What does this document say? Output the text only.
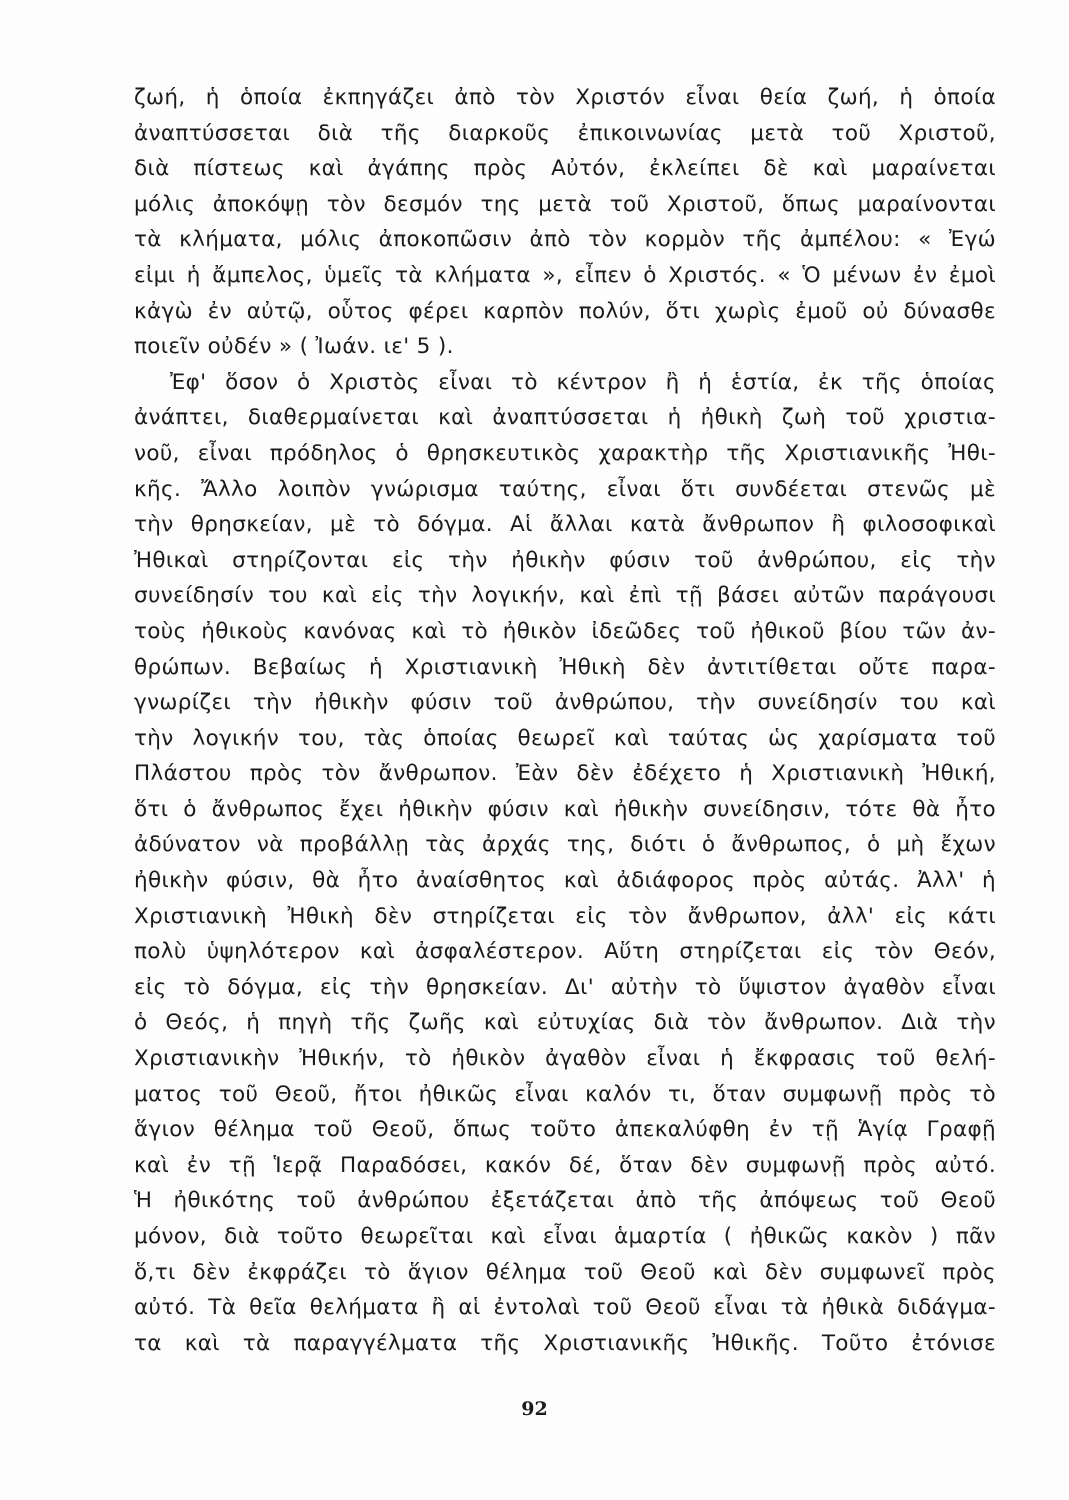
ζωή, ἡ ὁποία ἐκπηγάζει ἀπὸ τὸν Χριστόν εἶναι θεία ζωή, ἡ ὁποία
ἀναπτύσσεται διὰ τῆς διαρκοῦς ἐπικοινωνίας μετὰ τοῦ Χριστοῦ,
διὰ πίστεως καὶ ἀγάπης πρὸς Αὐτόν, ἐκλείπει δὲ καὶ μαραίνεται
μόλις ἀποκόψῃ τὸν δεσμόν της μετὰ τοῦ Χριστοῦ, ὅπως μαραίνονται
τὰ κλήματα, μόλις ἀποκοπῶσιν ἀπὸ τὸν κορμὸν τῆς ἀμπέλου: « Ἐγώ
εἰμι ἡ ἄμπελος, ὑμεῖς τὰ κλήματα », εἶπεν ὁ Χριστός. « Ὁ μένων ἐν ἐμοὶ
κἀγὼ ἐν αὐτῷ, οὗτος φέρει καρπὸν πολύν, ὅτι χωρὶς ἐμοῦ οὐ δύνασθε
ποιεῖν οὐδέν » ( Ἰωάν. ιε' 5 ).
Ἐφ' ὅσον ὁ Χριστὸς εἶναι τὸ κέντρον ἢ ἡ ἑστία, ἐκ τῆς ὁποίας
ἀνάπτει, διαθερμαίνεται καὶ ἀναπτύσσεται ἡ ἠθικὴ ζωὴ τοῦ χριστια-
νοῦ, εἶναι πρόδηλος ὁ θρησκευτικὸς χαρακτὴρ τῆς Χριστιανικῆς Ἠθι-
κῆς. Ἄλλο λοιπὸν γνώρισμα ταύτης, εἶναι ὅτι συνδέεται στενῶς μὲ
τὴν θρησκείαν, μὲ τὸ δόγμα. Αἱ ἄλλαι κατὰ ἄνθρωπον ἢ φιλοσοφικαὶ
Ἠθικαὶ στηρίζονται εἰς τὴν ἠθικὴν φύσιν τοῦ ἀνθρώπου, εἰς τὴν
συνείδησίν του καὶ εἰς τὴν λογικήν, καὶ ἐπὶ τῇ βάσει αὐτῶν παράγουσι
τοὺς ἠθικοὺς κανόνας καὶ τὸ ἠθικὸν ἰδεῶδες τοῦ ἠθικοῦ βίου τῶν ἀν-
θρώπων. Βεβαίως ἡ Χριστιανικὴ Ἠθικὴ δὲν ἀντιτίθεται οὔτε παρα-
γνωρίζει τὴν ἠθικὴν φύσιν τοῦ ἀνθρώπου, τὴν συνείδησίν του καὶ
τὴν λογικήν του, τὰς ὁποίας θεωρεῖ καὶ ταύτας ὡς χαρίσματα τοῦ
Πλάστου πρὸς τὸν ἄνθρωπον. Ἐὰν δὲν ἐδέχετο ἡ Χριστιανικὴ Ἠθική,
ὅτι ὁ ἄνθρωπος ἔχει ἠθικὴν φύσιν καὶ ἠθικὴν συνείδησιν, τότε θὰ ἦτο
ἀδύνατον νὰ προβάλλῃ τὰς ἀρχάς της, διότι ὁ ἄνθρωπος, ὁ μὴ ἔχων
ἠθικὴν φύσιν, θὰ ἦτο ἀναίσθητος καὶ ἀδιάφορος πρὸς αὐτάς. Ἀλλ' ἡ
Χριστιανικὴ Ἠθικὴ δὲν στηρίζεται εἰς τὸν ἄνθρωπον, ἀλλ' εἰς κάτι
πολὺ ὑψηλότερον καὶ ἀσφαλέστερον. Αὕτη στηρίζεται εἰς τὸν Θεόν,
εἰς τὸ δόγμα, εἰς τὴν θρησκείαν. Δι' αὐτὴν τὸ ὕψιστον ἀγαθὸν εἶναι
ὁ Θεός, ἡ πηγὴ τῆς ζωῆς καὶ εὐτυχίας διὰ τὸν ἄνθρωπον. Διὰ τὴν
Χριστιανικὴν Ἠθικήν, τὸ ἠθικὸν ἀγαθὸν εἶναι ἡ ἔκφρασις τοῦ θελή-
ματος τοῦ Θεοῦ, ἤτοι ἠθικῶς εἶναι καλόν τι, ὅταν συμφωνῇ πρὸς τὸ
ἅγιον θέλημα τοῦ Θεοῦ, ὅπως τοῦτο ἀπεκαλύφθη ἐν τῇ Ἁγίᾳ Γραφῇ
καὶ ἐν τῇ Ἱερᾷ Παραδόσει, κακόν δέ, ὅταν δὲν συμφωνῇ πρὸς αὐτό.
Ἡ ἠθικότης τοῦ ἀνθρώπου ἐξετάζεται ἀπὸ τῆς ἀπόψεως τοῦ Θεοῦ
μόνον, διὰ τοῦτο θεωρεῖται καὶ εἶναι ἁμαρτία ( ἠθικῶς κακὸν ) πᾶν
ὅ,τι δὲν ἐκφράζει τὸ ἅγιον θέλημα τοῦ Θεοῦ καὶ δὲν συμφωνεῖ πρὸς
αὐτό. Τὰ θεῖα θελήματα ἢ αἱ ἐντολαὶ τοῦ Θεοῦ εἶναι τὰ ἠθικὰ διδάγμα-
τα καὶ τὰ παραγγέλματα τῆς Χριστιανικῆς Ἠθικῆς. Τοῦτο ἐτόνισε
92
